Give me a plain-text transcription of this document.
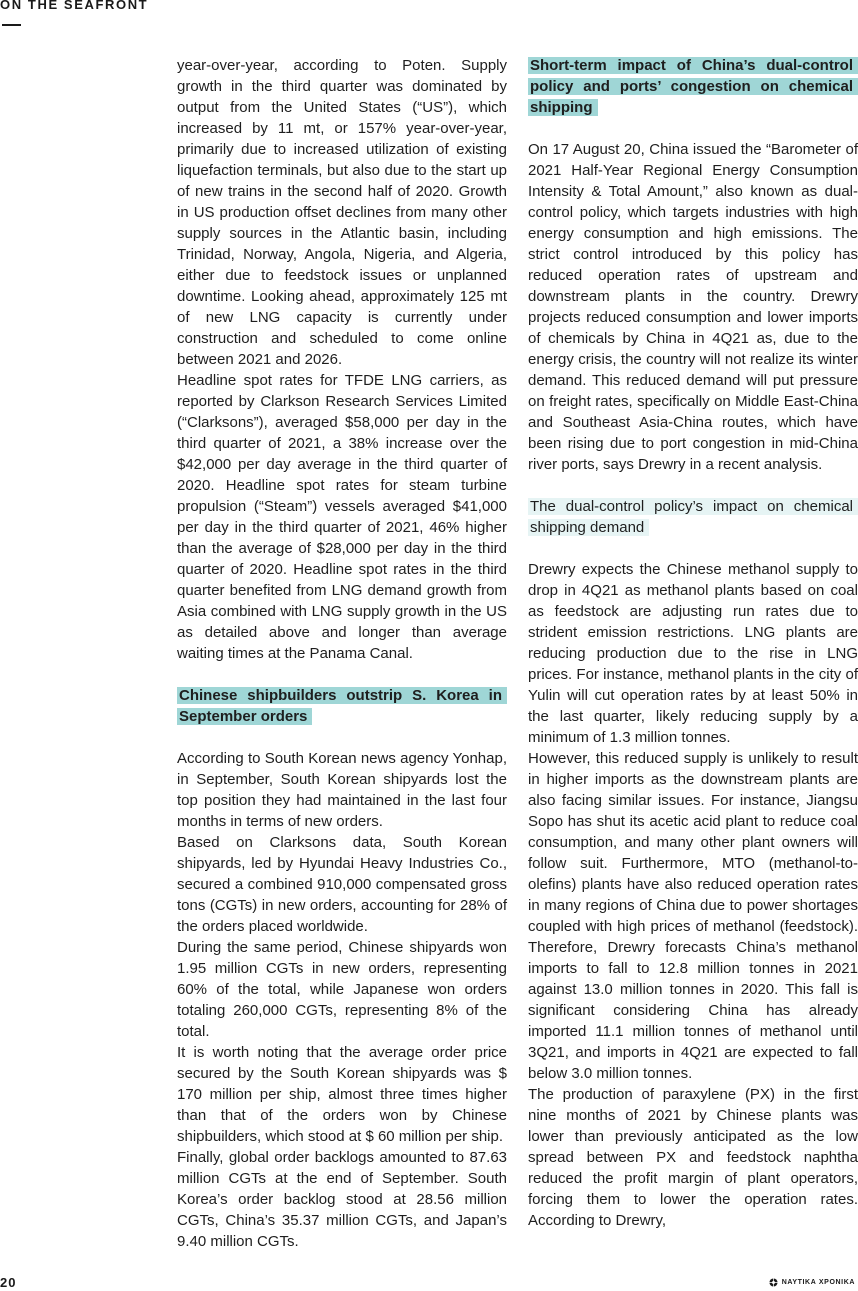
ON THE SEAFRONT

year-over-year, according to Poten. Supply growth in the third quarter was dominated by output from the United States (“US”), which increased by 11 mt, or 157% year-over-year, primarily due to increased utilization of existing liquefaction terminals, but also due to the start up of new trains in the second half of 2020. Growth in US production offset declines from many other supply sources in the Atlantic basin, including Trinidad, Norway, Angola, Nigeria, and Algeria, either due to feedstock issues or unplanned downtime. Looking ahead, approximately 125 mt of new LNG capacity is currently under construction and scheduled to come online between 2021 and 2026.

Headline spot rates for TFDE LNG carriers, as reported by Clarkson Research Services Limited (“Clarksons”), averaged $58,000 per day in the third quarter of 2021, a 38% increase over the $42,000 per day average in the third quarter of 2020. Headline spot rates for steam turbine propulsion (“Steam”) vessels averaged $41,000 per day in the third quarter of 2021, 46% higher than the average of $28,000 per day in the third quarter of 2020. Headline spot rates in the third quarter benefited from LNG demand growth from Asia combined with LNG supply growth in the US as detailed above and longer than average waiting times at the Panama Canal.

Chinese shipbuilders outstrip S. Korea in September orders

According to South Korean news agency Yonhap, in September, South Korean shipyards lost the top position they had maintained in the last four months in terms of new orders.

Based on Clarksons data, South Korean shipyards, led by Hyundai Heavy Industries Co., secured a combined 910,000 compensated gross tons (CGTs) in new orders, accounting for 28% of the orders placed worldwide.

During the same period, Chinese shipyards won 1.95 million CGTs in new orders, representing 60% of the total, while Japanese won orders totaling 260,000 CGTs, representing 8% of the total.

It is worth noting that the average order price secured by the South Korean shipyards was $ 170 million per ship, almost three times higher than that of the orders won by Chinese shipbuilders, which stood at $ 60 million per ship.

Finally, global order backlogs amounted to 87.63 million CGTs at the end of September. South Korea’s order backlog stood at 28.56 million CGTs, China’s 35.37 million CGTs, and Japan’s 9.40 million CGTs.

Short-term impact of China’s dual-control policy and ports’ congestion on chemical shipping

On 17 August 20, China issued the “Barometer of 2021 Half-Year Regional Energy Consumption Intensity & Total Amount,” also known as dual-control policy, which targets industries with high energy consumption and high emissions. The strict control introduced by this policy has reduced operation rates of upstream and downstream plants in the country. Drewry projects reduced consumption and lower imports of chemicals by China in 4Q21 as, due to the energy crisis, the country will not realize its winter demand. This reduced demand will put pressure on freight rates, specifically on Middle East-China and Southeast Asia-China routes, which have been rising due to port congestion in mid-China river ports, says Drewry in a recent analysis.

The dual-control policy’s impact on chemical shipping demand

Drewry expects the Chinese methanol supply to drop in 4Q21 as methanol plants based on coal as feedstock are adjusting run rates due to strident emission restrictions. LNG plants are reducing production due to the rise in LNG prices. For instance, methanol plants in the city of Yulin will cut operation rates by at least 50% in the last quarter, likely reducing supply by a minimum of 1.3 million tonnes.

However, this reduced supply is unlikely to result in higher imports as the downstream plants are also facing similar issues. For instance, Jiangsu Sopo has shut its acetic acid plant to reduce coal consumption, and many other plant owners will follow suit. Furthermore, MTO (methanol-to-olefins) plants have also reduced operation rates in many regions of China due to power shortages coupled with high prices of methanol (feedstock). Therefore, Drewry forecasts China’s methanol imports to fall to 12.8 million tonnes in 2021 against 13.0 million tonnes in 2020. This fall is significant considering China has already imported 11.1 million tonnes of methanol until 3Q21, and imports in 4Q21 are expected to fall below 3.0 million tonnes.

The production of paraxylene (PX) in the first nine months of 2021 by Chinese plants was lower than previously anticipated as the low spread between PX and feedstock naphtha reduced the profit margin of plant operators, forcing them to lower the operation rates. According to Drewry,

20	ΝΑΥΤΙΚΑ ΧΡΟΝΙΚΑ
